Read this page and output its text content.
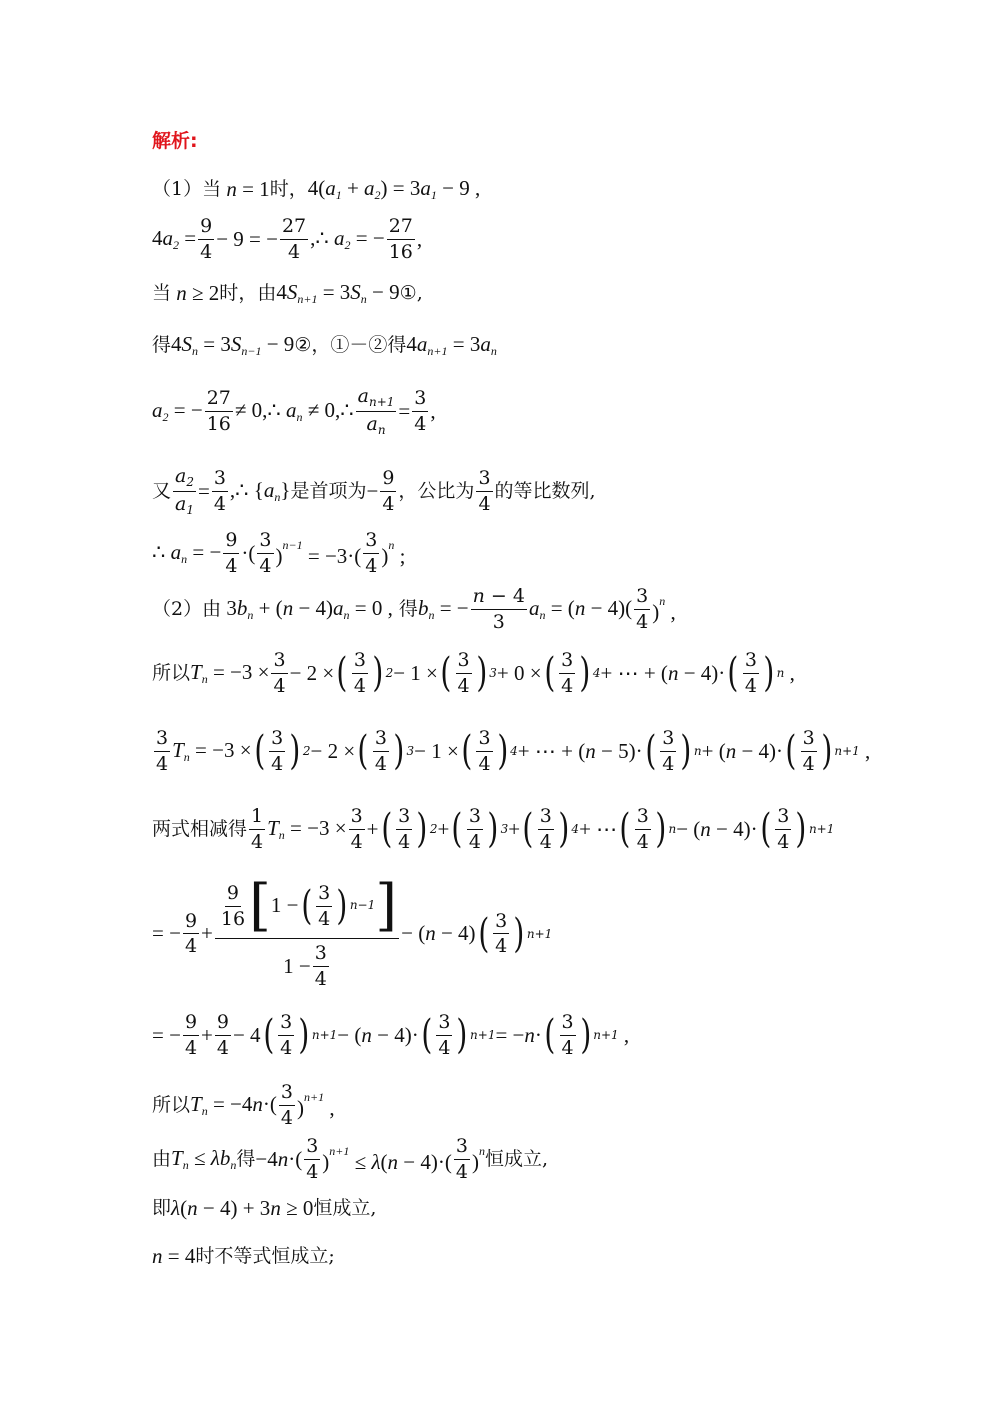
解析:
（1）当 n = 1 时， $4(a_1 + a_2) = 3a_1 - 9$ ,
$4a_2 = \frac{9}{4} - 9$ = − $\frac{27}{4}$ ,∴ $a_2$ = − $\frac{27}{16}$ ,
当 n ≥ 2 时 ， 由 $4S_{n+1} = 3S_n - 9$ ① ,
得 $4S_n = 3S_{n-1} - 9$ ② ， ①－②得 $4a_{n+1} = 3a_n$
$a_2$ = − $\frac{27}{16}$ ≠ 0,∴ $a_n$ ≠ 0,∴ $\frac{a_{n+1}}{a_n} = \frac{3}{4}$ ,
又 $\frac{a_2}{a_1} = \frac{3}{4}$ ,∴ $\{a_n\}$ 是首项为 − $\frac{9}{4}$ ，公比为 $\frac{3}{4}$ 的等比数列,
∴ $a_n$ = − $\frac{9}{4}$ ·( $\frac{3}{4} )^{n-1} = -3\cdot( \frac{3}{4} )^n$ ;
（2）由 $3b_n + (n - 4)a_n = 0$ ,
得 $b_n$ = − $\frac{n - 4}{3} a_n = (n - 4)( \frac{3}{4} )^n$ ,
所以 $T_n = -3 \times \frac{3}{4} - 2$ × ( $\frac{3}{4}$ ) 2 − 1 × ( $\frac{3}{4}$ ) 3 + 0 × ( $\frac{3}{4}$ ) 4 + ⋯ + (n − 4)· ( $\frac{3}{4}$ ) n ,
$\frac{3}{4} T_n = -3$ × ( $\frac{3}{4}$ ) 2 − 2 × ( $\frac{3}{4}$ ) 3 − 1 × ( $\frac{3}{4}$ ) 4 + ⋯ + (n − 5)· ( $\frac{3}{4}$ ) n + (n − 4)· ( $\frac{3}{4}$ ) n+1 ,
两式相减得 $\frac{1}{4} T_n = -3 \times \frac{3}{4}$ + ( $\frac{3}{4}$ ) 2 + ( $\frac{3}{4}$ ) 3 + ( $\frac{3}{4}$ ) 4 + ⋯ ( $\frac{3}{4}$ ) n − (n − 4)· ( $\frac{3}{4}$ ) n+1
= − $\frac{9}{4} + \frac{\frac{9}{16} [ 1 - ( \frac{3}{4} ) n-1 ]}{1 - \frac{3}{4}} - (n - 4)$ ( $\frac{3}{4}$ ) n+1
= − $\frac{9}{4} + \frac{9}{4} - 4$ ( $\frac{3}{4}$ ) n+1 − (n − 4)· ( $\frac{3}{4}$ ) n+1 = −n· ( $\frac{3}{4}$ ) n+1 ,
所以 $T_n = -4n\cdot( \frac{3}{4} )^{n+1}$ ,
由 $T_n \le \lambda b_n$ 得 $-4n\cdot( \frac{3}{4} )^{n+1} \le \lambda(n - 4)\cdot( \frac{3}{4} )^n$ 恒成立,
即 λ(n − 4) + 3n ≥ 0 恒成立,
n = 4 时不等式恒成立;
